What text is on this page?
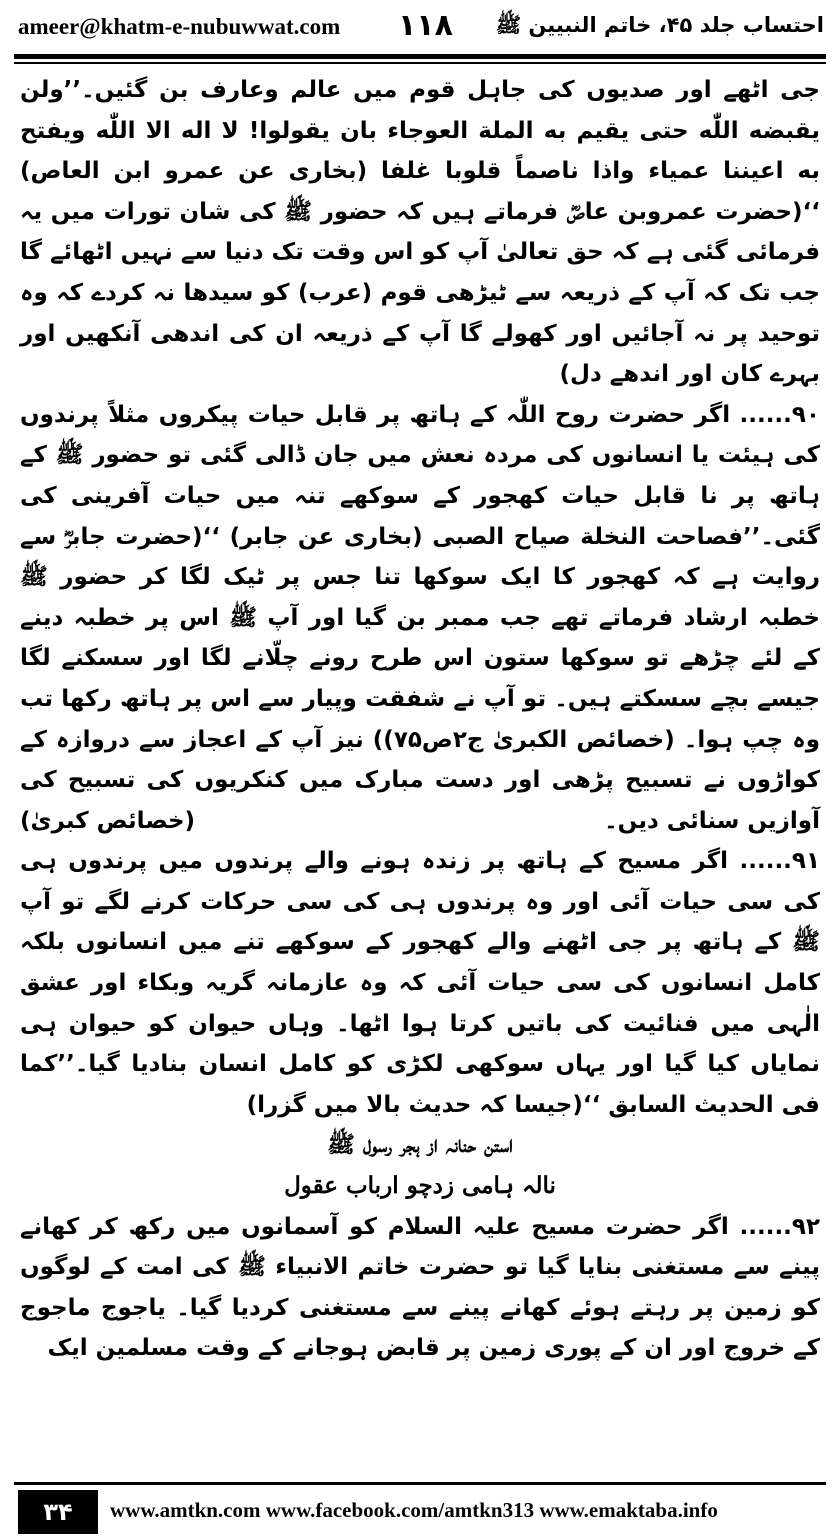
ameer@khatm-e-nubuwwat.com ۱۱۸ احتساب جلد ۴۵، خاتم النبیین ﷺ

جی اٹھے اور صدیوں کی جاہل قوم میں عالم وعارف بن گئیں۔’’ولن یقبضه اللّٰه حتی یقیم به الملة العوجاء بان یقولوا! لا اله الا اللّٰه ویفتح به اعیننا عمیاء واذا ناصماً قلوبا غلفا (بخاری عن عمرو ابن العاص) ‘‘(حضرت عمروبن عاصؓ فرماتے ہیں کہ حضور ﷺ کی شان تورات میں یہ فرمائی گئی ہے کہ حق تعالیٰ آپ کو اس وقت تک دنیا سے نہیں اٹھائے گا جب تک کہ آپ کے ذریعہ سے ٹیڑھی قوم (عرب) کو سیدھا نہ کردے کہ وہ توحید پر نہ آجائیں اور کھولے گا آپ کے ذریعہ ان کی اندھی آنکھیں اور بہرے کان اور اندھے دل)

۹۰...... اگر حضرت روح اللّٰہ کے ہاتھ پر قابل حیات پیکروں مثلاً پرندوں کی ہیئت یا انسانوں کی مردہ نعش میں جان ڈالی گئی تو حضور ﷺ کے ہاتھ پر نا قابل حیات کھجور کے سوکھے تنہ میں حیات آفرینی کی گئی۔’’فصاحت النخلة صیاح الصبی (بخاری عن جابر) ‘‘(حضرت جابرؓ سے روایت ہے کہ کھجور کا ایک سوکھا تنا جس پر ٹیک لگا کر حضور ﷺ خطبہ ارشاد فرماتے تھے جب ممبر بن گیا اور آپ ﷺ اس پر خطبہ دینے کے لئے چڑھے تو سوکھا ستون اس طرح رونے چلّانے لگا اور سسکنے لگا جیسے بچے سسکتے ہیں۔ تو آپ نے شفقت وپیار سے اس پر ہاتھ رکھا تب وہ چپ ہوا۔ (خصائص الکبریٰ ج۲ص۷۵)) نیز آپ کے اعجاز سے دروازہ کے کواڑوں نے تسبیح پڑھی اور دست مبارک میں کنکریوں کی تسبیح کی آوازیں سنائی دیں۔
(خصائص کبریٰ)

۹۱...... اگر مسیح کے ہاتھ پر زندہ ہونے والے پرندوں میں پرندوں ہی کی سی حیات آئی اور وہ پرندوں ہی کی سی حرکات کرنے لگے تو آپ ﷺ کے ہاتھ پر جی اٹھنے والے کھجور کے سوکھے تنے میں انسانوں بلکہ کامل انسانوں کی سی حیات آئی کہ وہ عازمانہ گریہ وبکاء اور عشق الٰہی میں فنائیت کی باتیں کرتا ہوا اٹھا۔ وہاں حیوان کو حیوان ہی نمایاں کیا گیا اور یہاں سوکھی لکڑی کو کامل انسان بنادیا گیا۔’’کما فی الحدیث السابق ‘‘(جیسا کہ حدیث بالا میں گزرا)

استن حنانہ از ہجر رسول ﷺ

نالہ ہامی زدچو ارباب عقول

۹۲...... اگر حضرت مسیح علیہ السلام کو آسمانوں میں رکھ کر کھانے پینے سے مستغنی بنایا گیا تو حضرت خاتم الانبیاء ﷺ کی امت کے لوگوں کو زمین پر رہتے ہوئے کھانے پینے سے مستغنی کردیا گیا۔ یاجوج ماجوج کے خروج اور ان کے پوری زمین پر قابض ہوجانے کے وقت مسلمین ایک

۳۴	www.amtkn.com www.facebook.com/amtkn313 www.emaktaba.info
